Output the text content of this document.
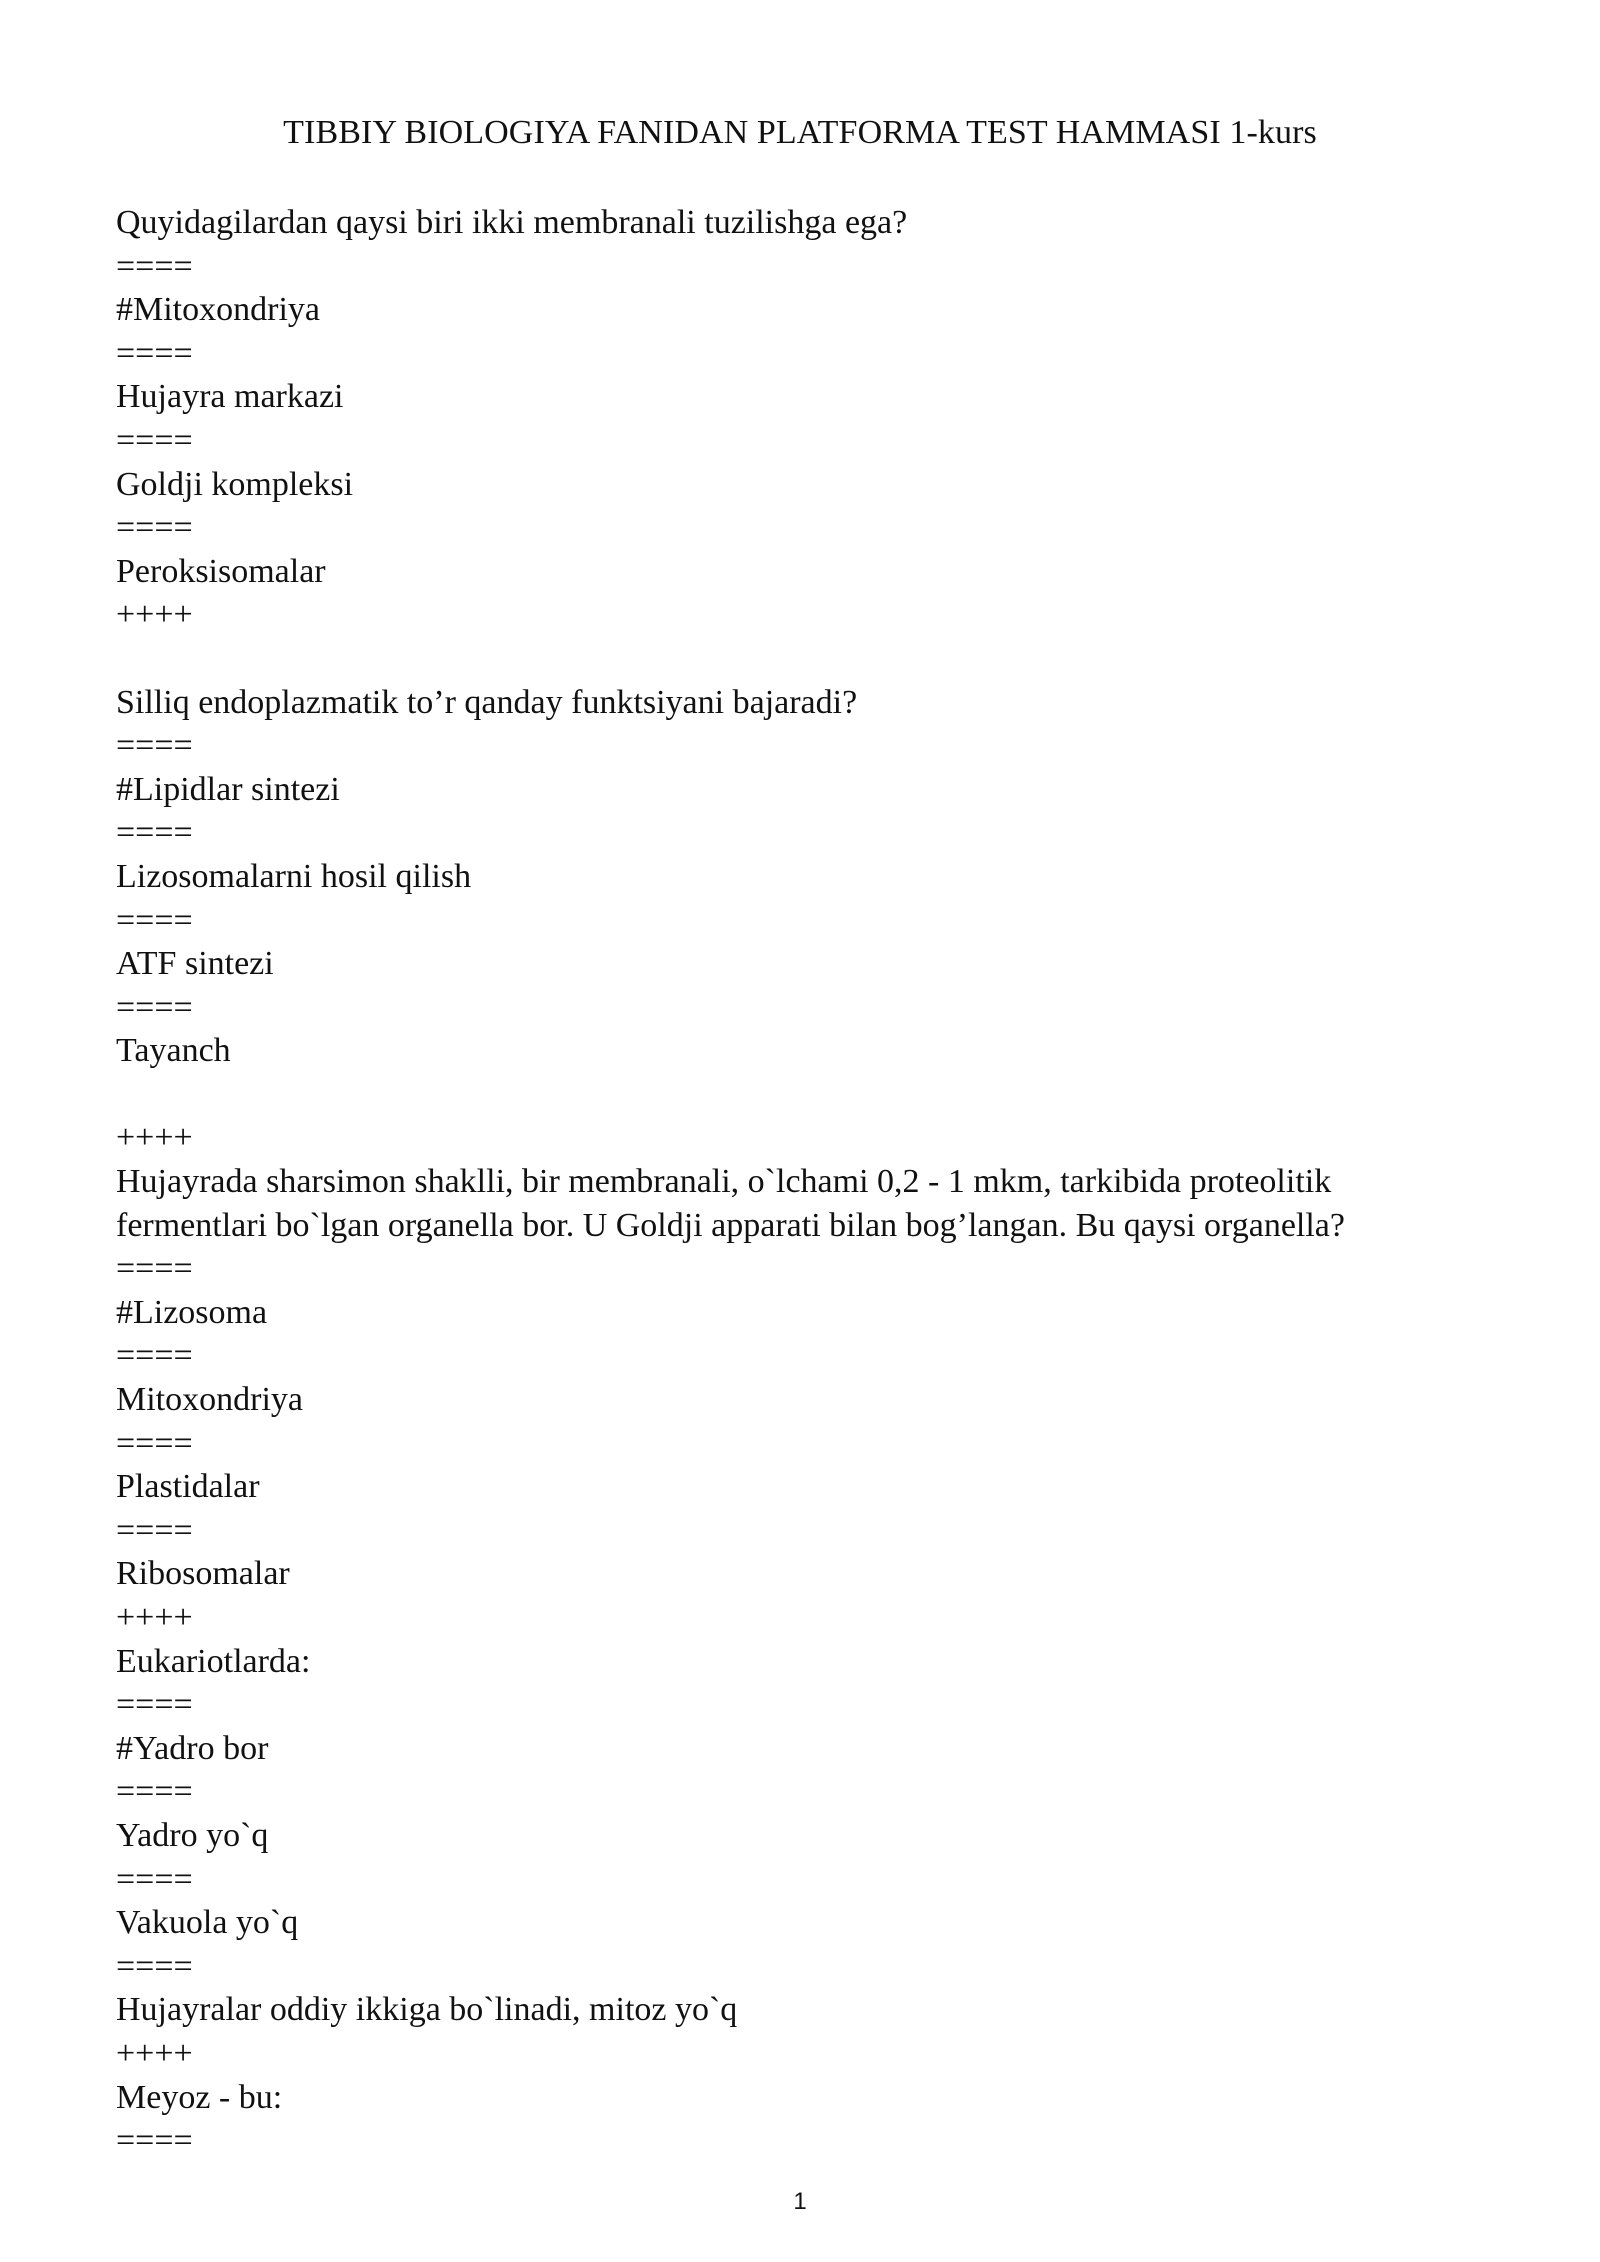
TIBBIY BIOLOGIYA FANIDAN PLATFORMA TEST HAMMASI 1-kurs
Quyidagilardan qaysi biri ikki membranali tuzilishga ega?
====
#Mitoxondriya
====
Hujayra markazi
====
Goldji kompleksi
====
Peroksisomalar
++++
Silliq endoplazmatik to’r qanday funktsiyani bajaradi?
====
#Lipidlar sintezi
====
Lizosomalarni hosil qilish
====
ATF sintezi
====
Tayanch
++++
Hujayrada sharsimon shaklli, bir membranali, o`lchami 0,2 - 1 mkm, tarkibida proteolitik
fermentlari bo`lgan organella bor. U Goldji apparati bilan bog’langan. Bu qaysi organella?
====
#Lizosoma
====
Mitoxondriya
====
Plastidalar
====
Ribosomalar
++++
Eukariotlarda:
====
#Yadro bor
====
Yadro yo`q
====
Vakuola yo`q
====
Hujayralar oddiy ikkiga bo`linadi, mitoz yo`q
++++
Meyoz - bu:
====
1
